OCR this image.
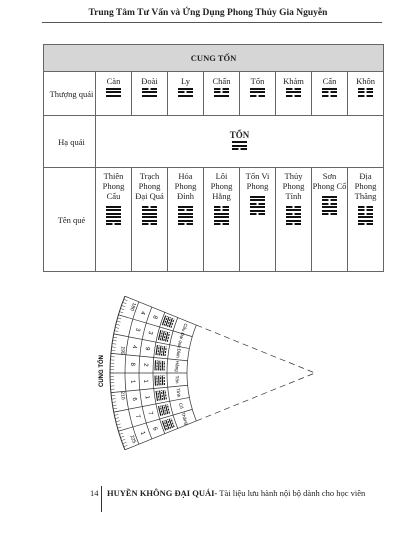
Trung Tâm Tư Vấn và Ứng Dụng Phong Thủy Gia Nguyễn
CUNG TỐN								
Thượng quái	Càn	Đoài	Ly	Chấn	Tốn	Khảm	Cấn	Khôn

Hạ quái	TỐN							

Tên quẻ	Thiên Phong Cấu	Trạch Phong Đại Quá	Hỏa Phong Đỉnh	Lôi Phong Hằng	Tốn Vi Phong	Thủy Phong Tỉnh	Sơn Phong Cổ	Địa Phong Thăng
225
210
195
180
CUNG TỐN
1
6
Thăng
7
7
Cổ
6 1	Tỉnh
1 1	Tốn
8 2	Hằng
4 9	Đỉnh
3
3	Đại quá
4
8
Cấu
14 HUYỀN KHÔNG ĐẠI QUÁI- Tài liệu lưu hành nội bộ dành cho học viên
